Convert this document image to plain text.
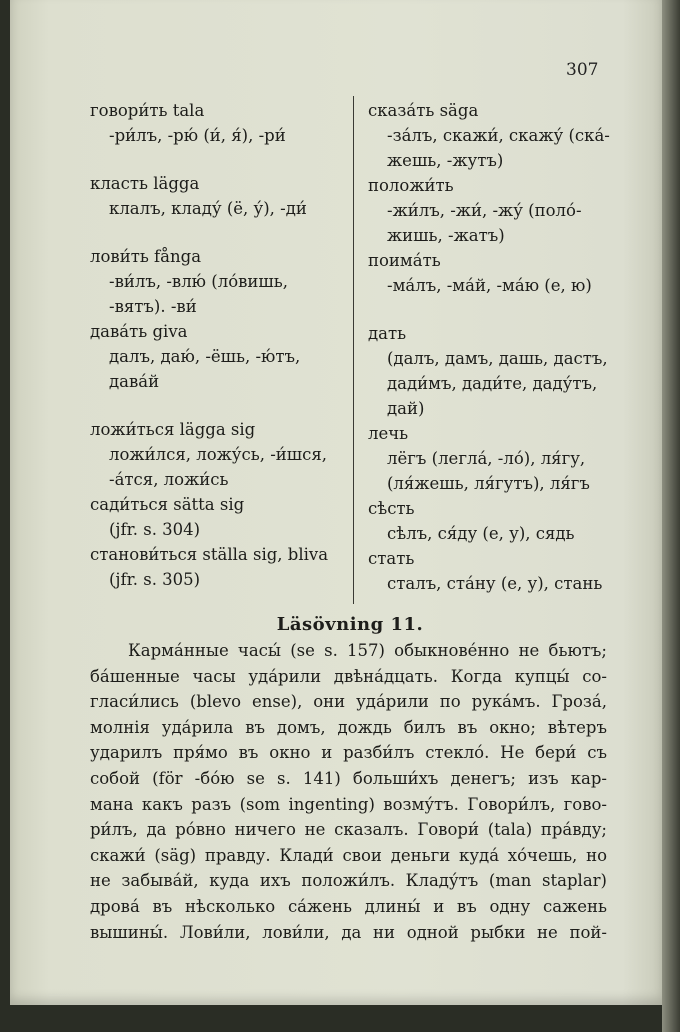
307
говори́ть tala
-ри́лъ, -рю́ (и́, я́), -ри́
класть lägga
клалъ, кладу́ (ё, у́), -ди́
лови́ть fånga
-ви́лъ, -влю́ (ло́вишь,
-вятъ). -ви́
дава́ть giva
далъ, даю́, -ёшь, -ю́тъ,
дава́й
ложи́ться lägga sig
ложи́лся, ложу́сь, -и́шся,
-а́тся, ложи́сь
сади́ться sätta sig
(jfr. s. 304)
станови́ться ställa sig, bliva
(jfr. s. 305)
сказа́ть säga
-за́лъ, скажи́, скажу́ (ска́-
жешь, -жутъ)
положи́ть
-жи́лъ, -жи́, -жу́ (поло́-
жишь, -жатъ)
поима́ть
-ма́лъ, -ма́й, -ма́ю (е, ю)
дать
(далъ, дамъ, дашь, дастъ,
дади́мъ, дади́те, даду́тъ,
дай)
лечь
лёгъ (легла́, -ло́), ля́гу,
(ля́жешь, ля́гутъ), ля́гъ
сѣсть
сѣлъ, ся́ду (е, у), сядь
стать
сталъ, ста́ну (е, у), стань
Läsövning 11.
Карма́нные часы́ (se s. 157) обыкнове́нно не бьютъ;
ба́шенные часы уда́рили двѣна́дцать. Когда купцы́ со-
гласи́лись (blevo ense), они уда́рили по рука́мъ. Гроза́,
молнія уда́рила въ домъ, дождь билъ въ окно; вѣтеръ
ударилъ пря́мо въ окно и разби́лъ стекло́. Не бери́ съ
собой (för -бо́ю se s. 141) больши́хъ денегъ; изъ кар-
мана какъ разъ (som ingenting) возму́тъ. Говори́лъ, гово-
ри́лъ, да ро́вно ничего не сказалъ. Говори́ (tala) пра́вду;
скажи́ (säg) правду. Клади́ свои деньги куда́ хо́чешь, но
не забыва́й, куда ихъ положи́лъ. Кладу́тъ (man staplar)
дрова́ въ нѣсколько са́жень длины́ и въ одну сажень
вышины́. Лови́ли, лови́ли, да ни одной рыбки не пой-
